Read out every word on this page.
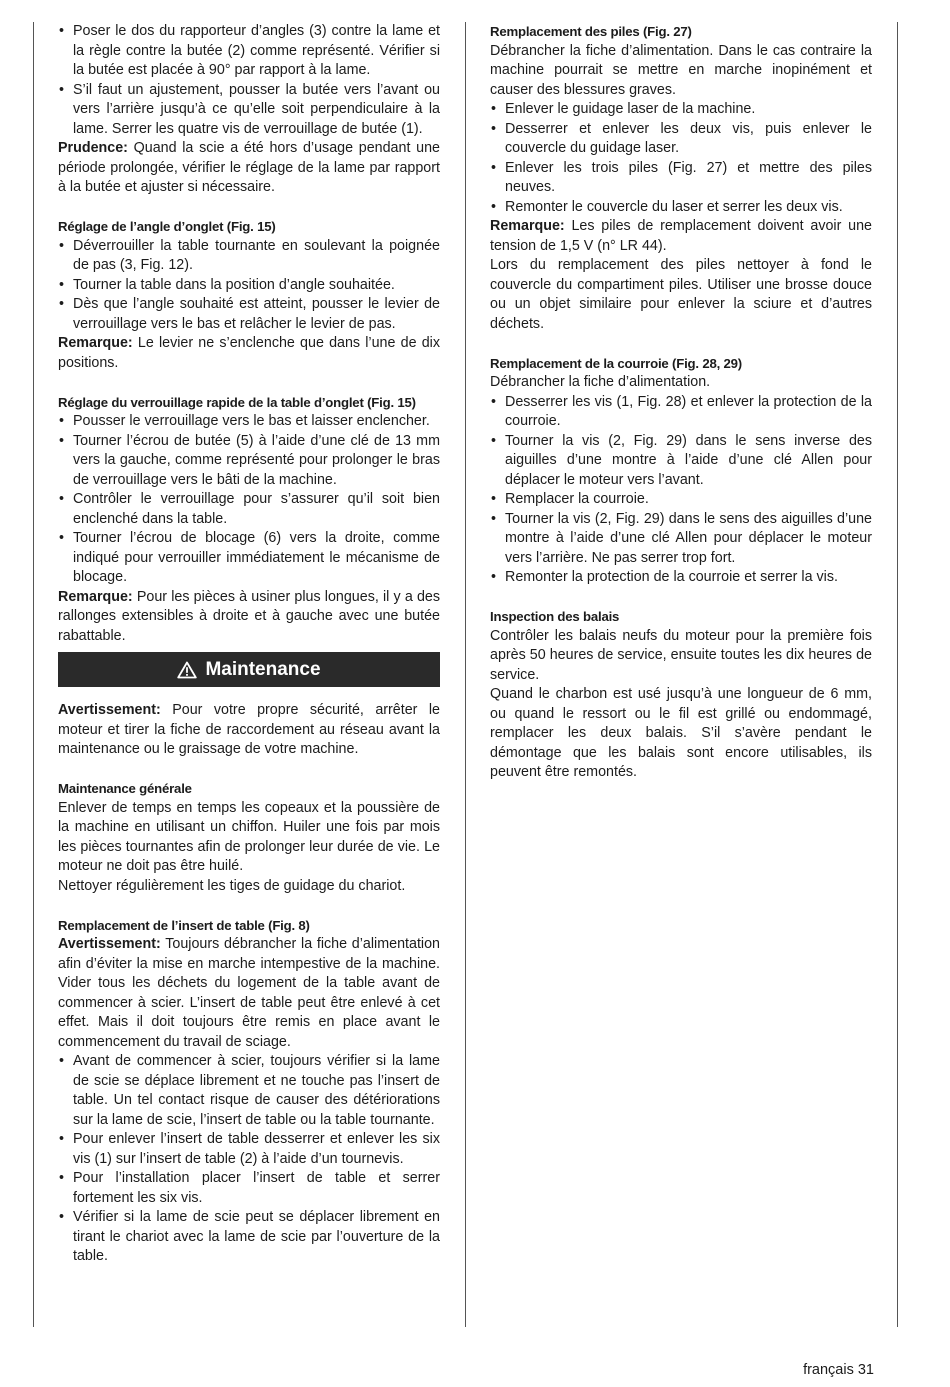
• Poser le dos du rapporteur d’angles (3) contre la lame et la règle contre la butée (2) comme représenté. Vérifier si la butée est placée à 90° par rapport à la lame.
• S’il faut un ajustement, pousser la butée vers l’avant ou vers l’arrière jusqu’à ce qu’elle soit perpendiculaire à la lame. Serrer les quatre vis de verrouillage de butée (1).

Prudence: Quand la scie a été hors d’usage pendant une période prolongée, vérifier le réglage de la lame par rapport à la butée et ajuster si nécessaire.

Réglage de l’angle d’onglet (Fig. 15)

• Déverrouiller la table tournante en soulevant la poignée de pas (3, Fig. 12).
• Tourner la table dans la position d’angle souhaitée.
• Dès que l’angle souhaité est atteint, pousser le levier de verrouillage vers le bas et relâcher le levier de pas.

Remarque: Le levier ne s’enclenche que dans l’une de dix positions.

Réglage du verrouillage rapide de la table d’onglet (Fig. 15)

• Pousser le verrouillage vers le bas et laisser enclencher.
• Tourner l’écrou de butée (5) à l’aide d’une clé de 13 mm vers la gauche, comme représenté pour prolonger le bras de verrouillage vers le bâti de la machine.
• Contrôler le verrouillage pour s’assurer qu’il soit bien enclenché dans la table.
• Tourner l’écrou de blocage (6) vers la droite, comme indiqué pour verrouiller immédiatement le mécanisme de blocage.

Remarque: Pour les pièces à usiner plus longues, il y a des rallonges extensibles à droite et à gauche avec une butée rabattable.

Maintenance

Avertissement: Pour votre propre sécurité, arrêter le moteur et tirer la fiche de raccordement au réseau avant la maintenance ou le graissage de votre machine.

Maintenance générale

Enlever de temps en temps les copeaux et la poussière de la machine en utilisant un chiffon. Huiler une fois par mois les pièces tournantes afin de prolonger leur durée de vie. Le moteur ne doit pas être huilé.

Nettoyer régulièrement les tiges de guidage du chariot.

Remplacement de l’insert de table (Fig. 8)

Avertissement: Toujours débrancher la fiche d’alimentation afin d’éviter la mise en marche intempestive de la machine. Vider tous les déchets du logement de la table avant de commencer à scier. L’insert de table peut être enlevé à cet effet. Mais il doit toujours être remis en place avant le commencement du travail de sciage.

• Avant de commencer à scier, toujours vérifier si la lame de scie se déplace librement et ne touche pas l’insert de table. Un tel contact risque de causer des détériorations sur la lame de scie, l’insert de table ou la table tournante.
• Pour enlever l’insert de table desserrer et enlever les six vis (1) sur l’insert de table (2) à l’aide d’un tournevis.
• Pour l’installation placer l’insert de table et serrer fortement les six vis.
• Vérifier si la lame de scie peut se déplacer librement en tirant le chariot avec la lame de scie par l’ouverture de la table.

Remplacement des piles (Fig. 27)

Débrancher la fiche d’alimentation. Dans le cas contraire la machine pourrait se mettre en marche inopinément et causer des blessures graves.

• Enlever le guidage laser de la machine.
• Desserrer et enlever les deux vis, puis enlever le couvercle du guidage laser.
• Enlever les trois piles (Fig. 27) et mettre des piles neuves.
• Remonter le couvercle du laser et serrer les deux vis.

Remarque: Les piles de remplacement doivent avoir une tension de 1,5 V (n° LR 44).

Lors du remplacement des piles nettoyer à fond le couvercle du compartiment piles. Utiliser une brosse douce ou un objet similaire pour enlever la sciure et d’autres déchets.

Remplacement de la courroie (Fig. 28, 29)

Débrancher la fiche d’alimentation.

• Desserrer les vis (1, Fig. 28) et enlever la protection de la courroie.
• Tourner la vis (2, Fig. 29) dans le sens inverse des aiguilles d’une montre à l’aide d’une clé Allen pour déplacer le moteur vers l’avant.
• Remplacer la courroie.
• Tourner la vis (2, Fig. 29) dans le sens des aiguilles d’une montre à l’aide d’une clé Allen pour déplacer le moteur vers l’arrière. Ne pas serrer trop fort.
• Remonter la protection de la courroie et serrer la vis.

Inspection des balais

Contrôler les balais neufs du moteur pour la première fois après 50 heures de service, ensuite toutes les dix heures de service.

Quand le charbon est usé jusqu’à une longueur de 6 mm, ou quand le ressort ou le fil est grillé ou endommagé, remplacer les deux balais. S’il s’avère pendant le démontage que les balais sont encore utilisables, ils peuvent être remontés.

français 31
